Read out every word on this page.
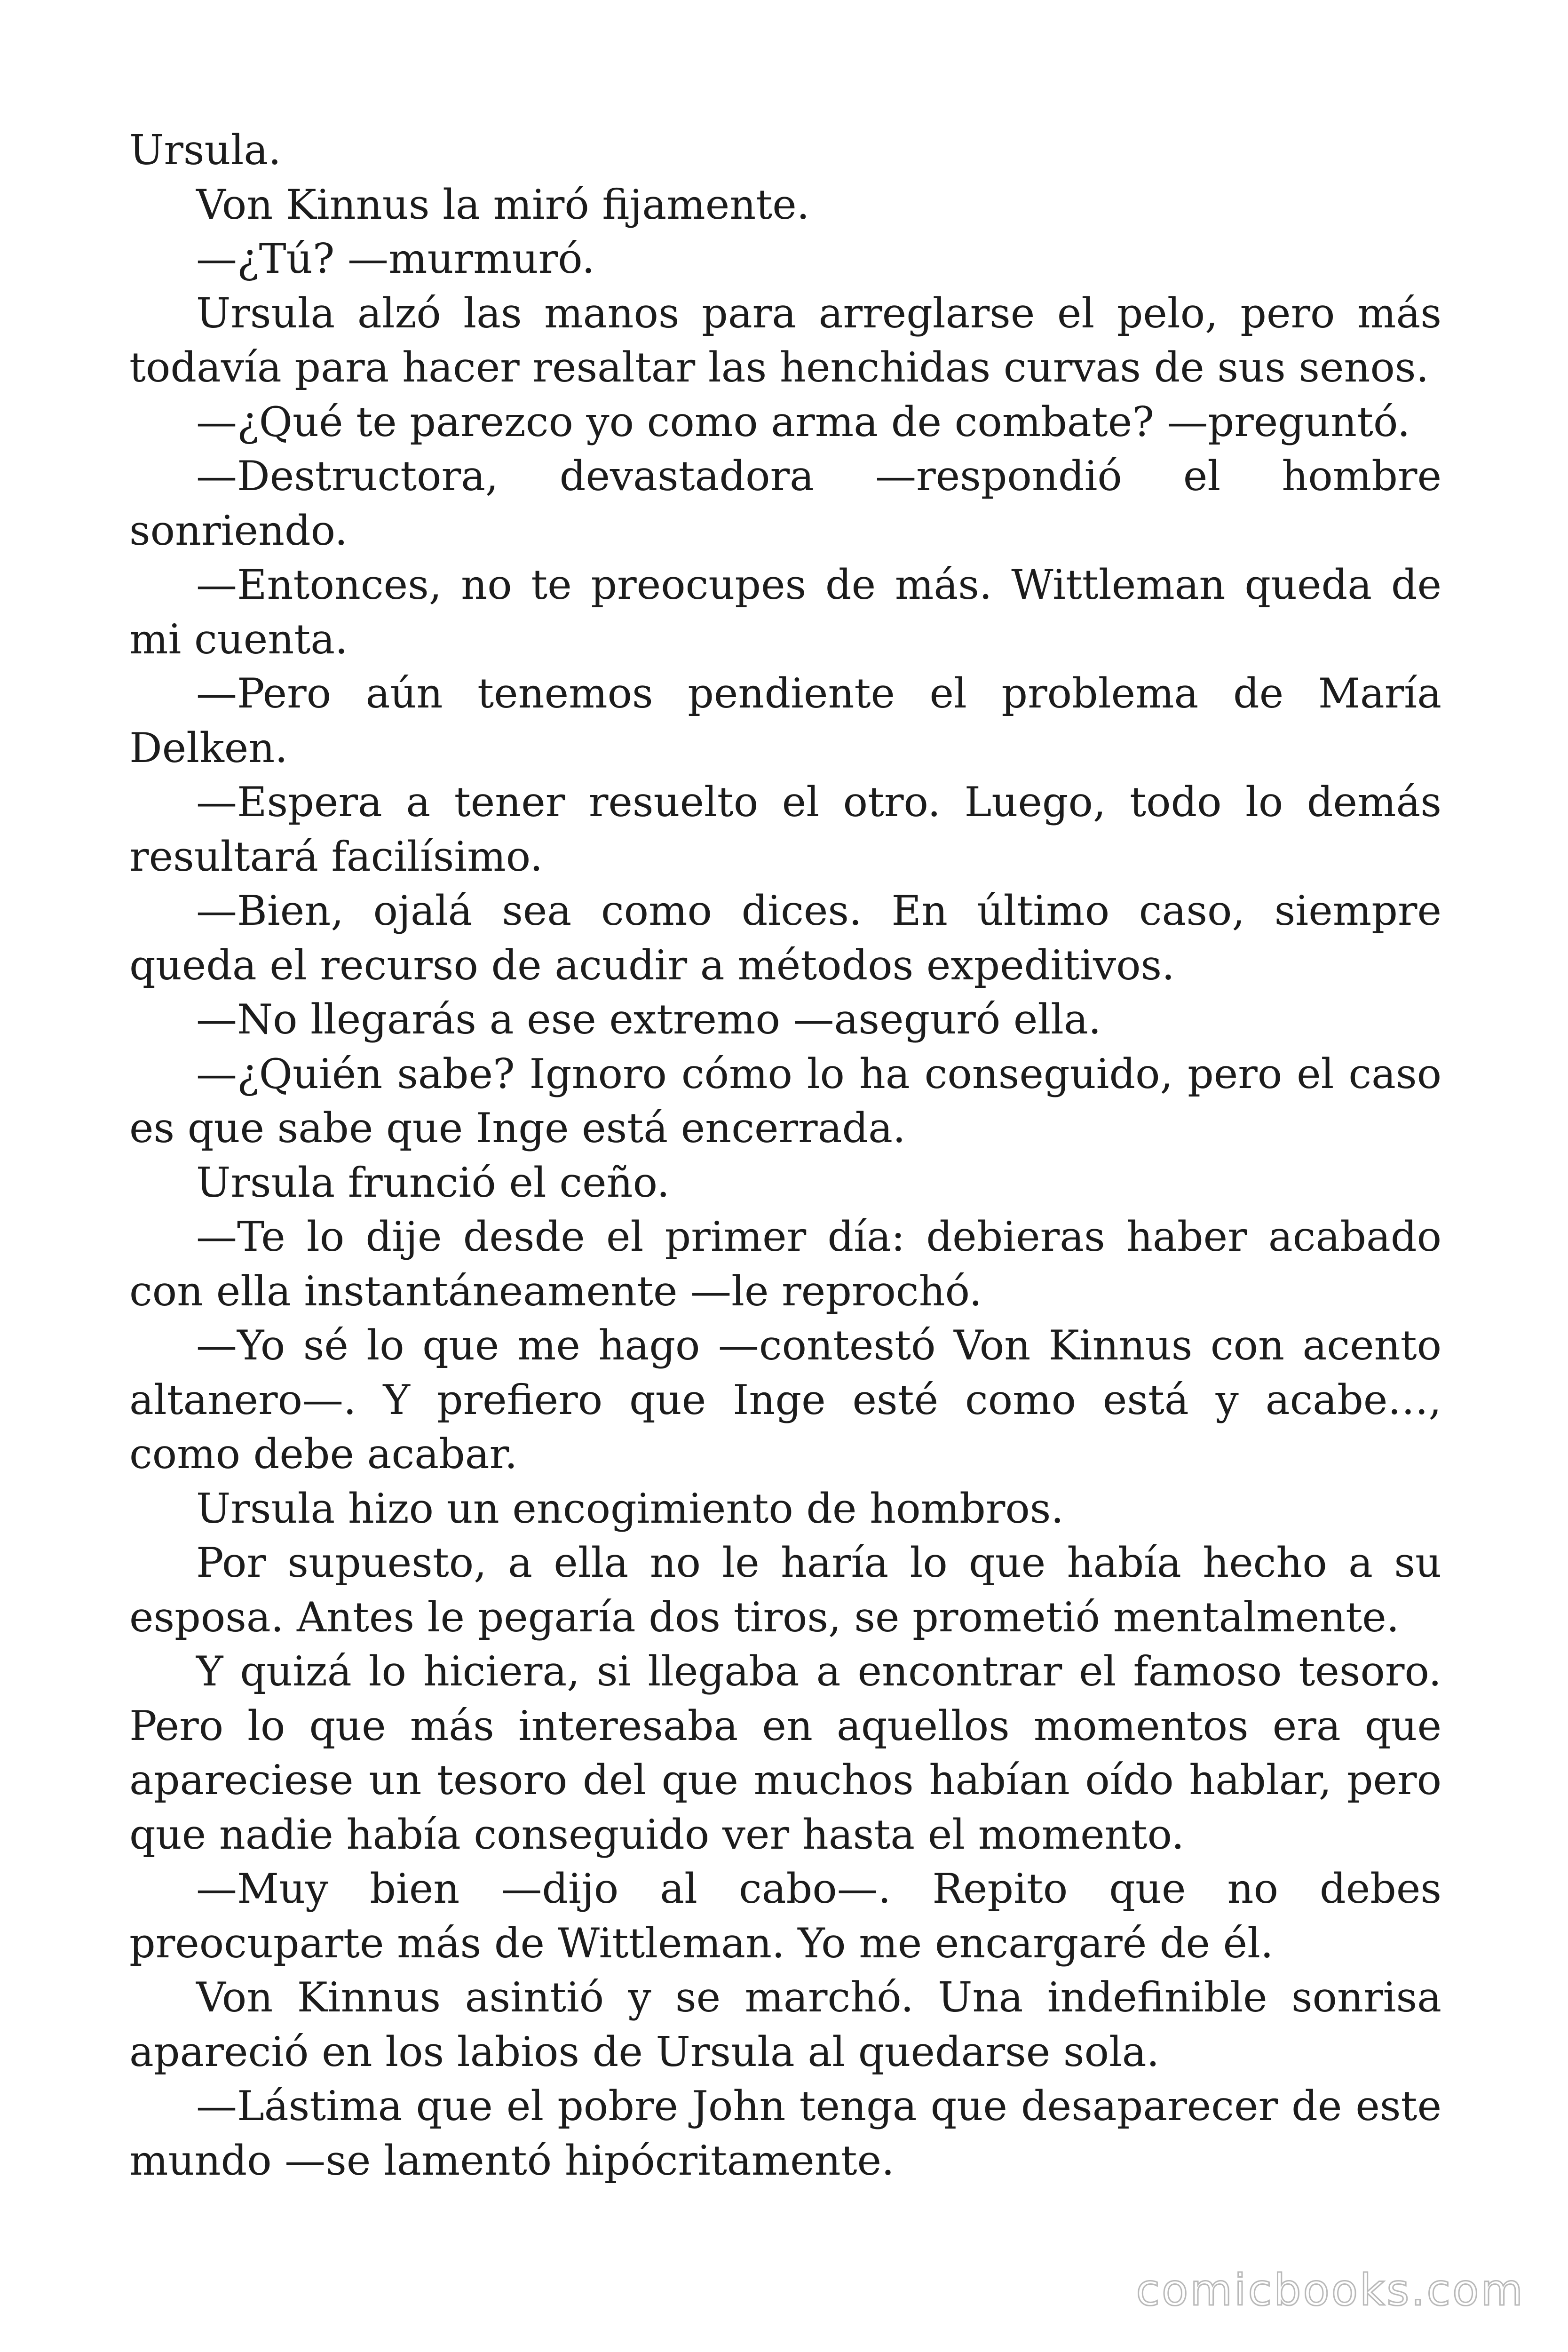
Ursula.

Von Kinnus la miró fijamente.

—¿Tú? —murmuró.

Ursula alzó las manos para arreglarse el pelo, pero más todavía para hacer resaltar las henchidas curvas de sus senos.

—¿Qué te parezco yo como arma de combate? —preguntó.

—Destructora, devastadora —respondió el hombre sonriendo.

—Entonces, no te preocupes de más. Wittleman queda de mi cuenta.

—Pero aún tenemos pendiente el problema de María Delken.

—Espera a tener resuelto el otro. Luego, todo lo demás resultará facilísimo.

—Bien, ojalá sea como dices. En último caso, siempre queda el recurso de acudir a métodos expeditivos.

—No llegarás a ese extremo —aseguró ella.

—¿Quién sabe? Ignoro cómo lo ha conseguido, pero el caso es que sabe que Inge está encerrada.

Ursula frunció el ceño.

—Te lo dije desde el primer día: debieras haber acabado con ella instantáneamente —le reprochó.

—Yo sé lo que me hago —contestó Von Kinnus con acento altanero—. Y prefiero que Inge esté como está y acabe…, como debe acabar.

Ursula hizo un encogimiento de hombros.

Por supuesto, a ella no le haría lo que había hecho a su esposa. Antes le pegaría dos tiros, se prometió mentalmente.

Y quizá lo hiciera, si llegaba a encontrar el famoso tesoro. Pero lo que más interesaba en aquellos momentos era que apareciese un tesoro del que muchos habían oído hablar, pero que nadie había conseguido ver hasta el momento.

—Muy bien —dijo al cabo—. Repito que no debes preocuparte más de Wittleman. Yo me encargaré de él.

Von Kinnus asintió y se marchó. Una indefinible sonrisa apareció en los labios de Ursula al quedarse sola.

—Lástima que el pobre John tenga que desaparecer de este mundo —se lamentó hipócritamente.

comicbooks.com
